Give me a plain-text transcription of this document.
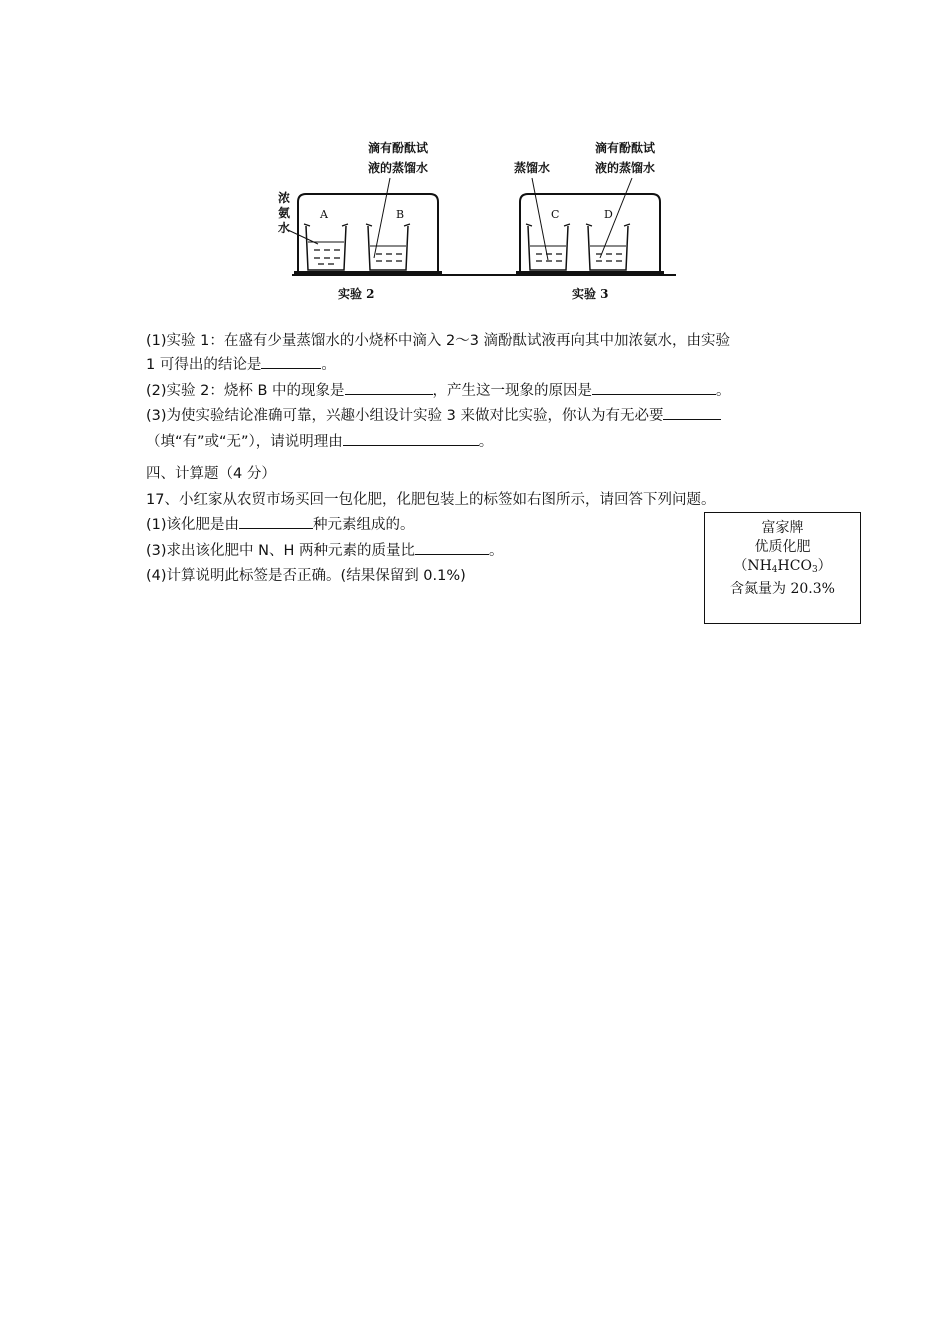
滴有酚酞试
液的蒸馏水	蒸馏水
滴有酚酞试
液的蒸馏水
浓
氨
水
A	B	C	D
实验 2	实验 3
(1)实验 1：在盛有少量蒸馏水的小烧杯中滴入 2～3 滴酚酞试液再向其中加浓氨水，由实验
1 可得出的结论是	。
(2)实验 2：烧杯 B 中的现象是	，产生这一现象的原因是	。
(3)为使实验结论准确可靠，兴趣小组设计实验 3 来做对比实验，你认为有无必要
（填“有”或“无”），请说明理由	。
四、计算题（4 分）
17、小红家从农贸市场买回一包化肥，化肥包装上的标签如右图所示，请回答下列问题。
(1)该化肥是由	种元素组成的。
(3)求出该化肥中 N、H 两种元素的质量比	。
(4)计算说明此标签是否正确。(结果保留到 0.1%)
富家牌
优质化肥
$(NH_4HCO_3)$
含氮量为 20.3%
